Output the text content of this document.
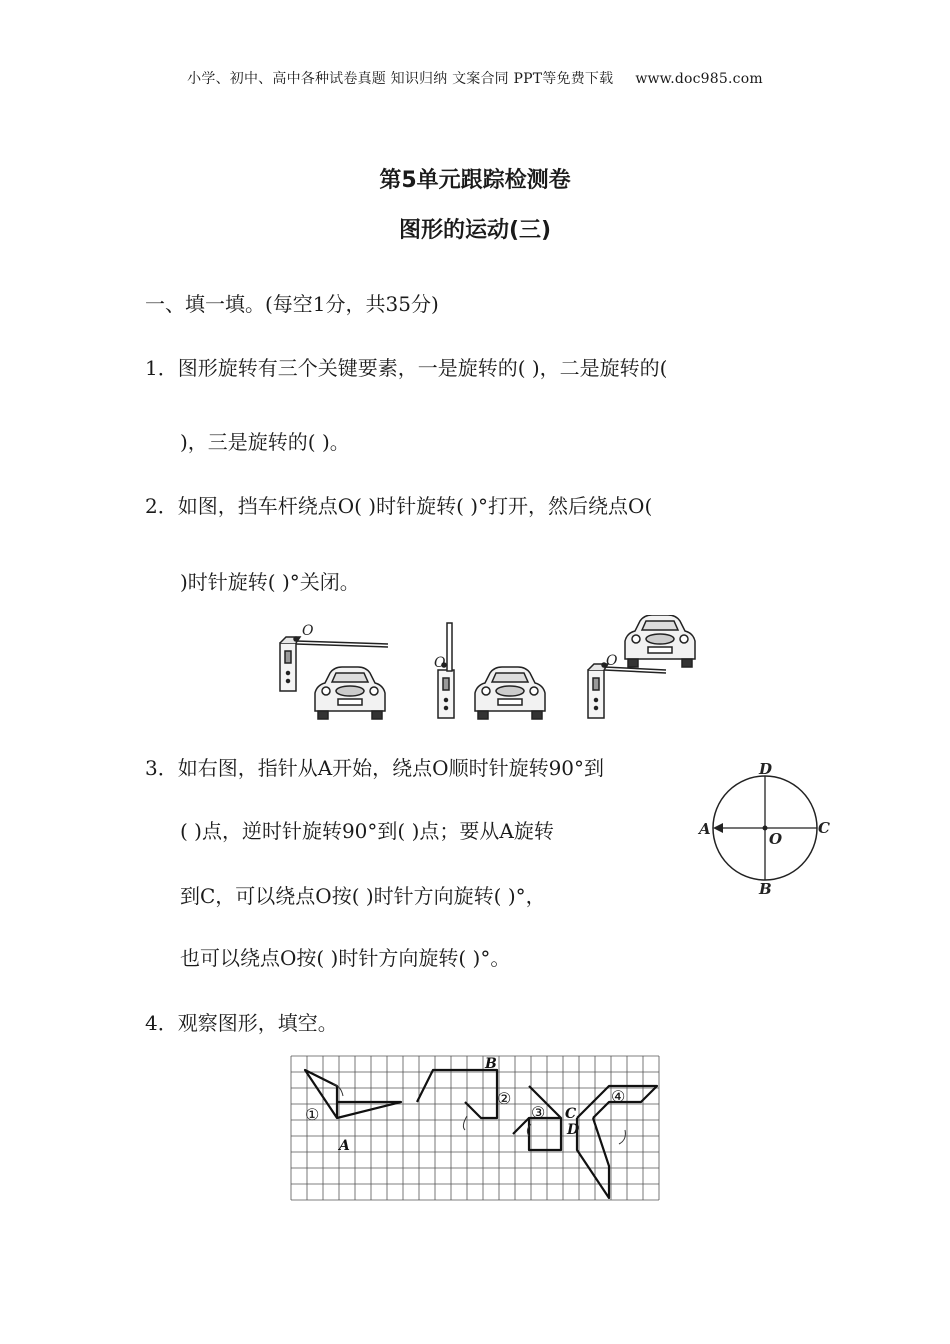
小学、初中、高中各种试卷真题 知识归纳 文案合同 PPT等免费下载 www.doc985.com
第5单元跟踪检测卷
图形的运动(三)
一、填一填。(每空1分，共35分)
1．图形旋转有三个关键要素，一是旋转的( )，二是旋转的(
)，三是旋转的( )。
2．如图，挡车杆绕点O( )时针旋转( )°打开，然后绕点O(
)时针旋转( )°关闭。
O
O	O
3．如右图，指针从A开始，绕点O顺时针旋转90°到
( )点，逆时针旋转90°到( )点；要从A旋转
到C，可以绕点O按( )时针方向旋转( )°，
也可以绕点O按( )时针方向旋转( )°。
D
A	C
O
B
4．观察图形，填空。
A
B
C
D
①
②
③
④
